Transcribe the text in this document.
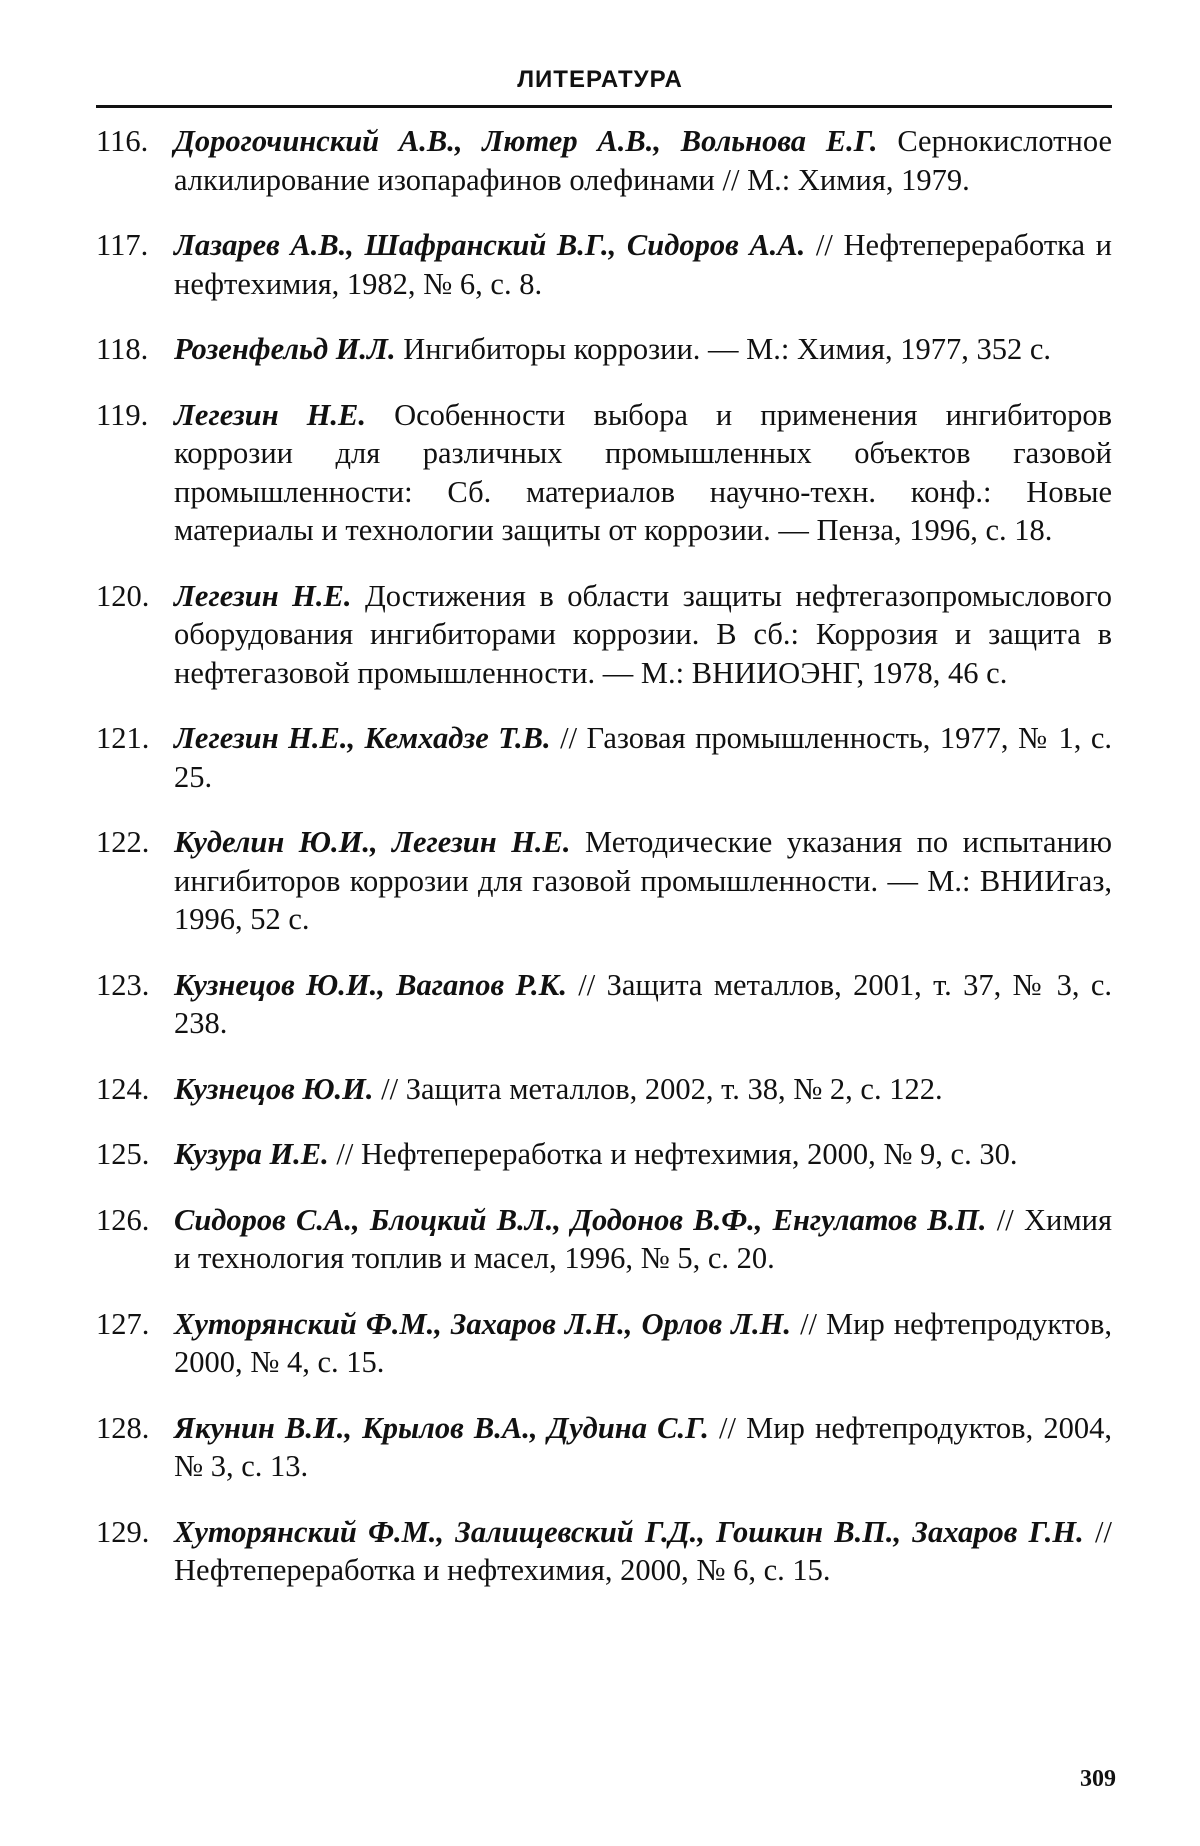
ЛИТЕРАТУРА
116. Дорогочинский А.В., Лютер А.В., Вольнова Е.Г. Сернокислотное алкилирование изопарафинов олефинами // М.: Химия, 1979.
117. Лазарев А.В., Шафранский В.Г., Сидоров А.А. // Нефтепереработка и нефтехимия, 1982, № 6, с. 8.
118. Розенфельд И.Л. Ингибиторы коррозии. — М.: Химия, 1977, 352 с.
119. Легезин Н.Е. Особенности выбора и применения ингибиторов коррозии для различных промышленных объектов газовой промышленности: Сб. материалов научно-техн. конф.: Новые материалы и технологии защиты от коррозии. — Пенза, 1996, с. 18.
120. Легезин Н.Е. Достижения в области защиты нефтегазопромыслового оборудования ингибиторами коррозии. В сб.: Коррозия и защита в нефтегазовой промышленности. — М.: ВНИИОЭНГ, 1978, 46 с.
121. Легезин Н.Е., Кемхадзе Т.В. // Газовая промышленность, 1977, № 1, с. 25.
122. Куделин Ю.И., Легезин Н.Е. Методические указания по испытанию ингибиторов коррозии для газовой промышленности. — М.: ВНИИгаз, 1996, 52 с.
123. Кузнецов Ю.И., Вагапов Р.К. // Защита металлов, 2001, т. 37, № 3, с. 238.
124. Кузнецов Ю.И. // Защита металлов, 2002, т. 38, № 2, с. 122.
125. Кузура И.Е. // Нефтепереработка и нефтехимия, 2000, № 9, с. 30.
126. Сидоров С.А., Блоцкий В.Л., Додонов В.Ф., Енгулатов В.П. // Химия и технология топлив и масел, 1996, № 5, с. 20.
127. Хуторянский Ф.М., Захаров Л.Н., Орлов Л.Н. // Мир нефтепродуктов, 2000, № 4, с. 15.
128. Якунин В.И., Крылов В.А., Дудина С.Г. // Мир нефтепродуктов, 2004, № 3, с. 13.
129. Хуторянский Ф.М., Залищевский Г.Д., Гошкин В.П., Захаров Г.Н. // Нефтепереработка и нефтехимия, 2000, № 6, с. 15.
309
